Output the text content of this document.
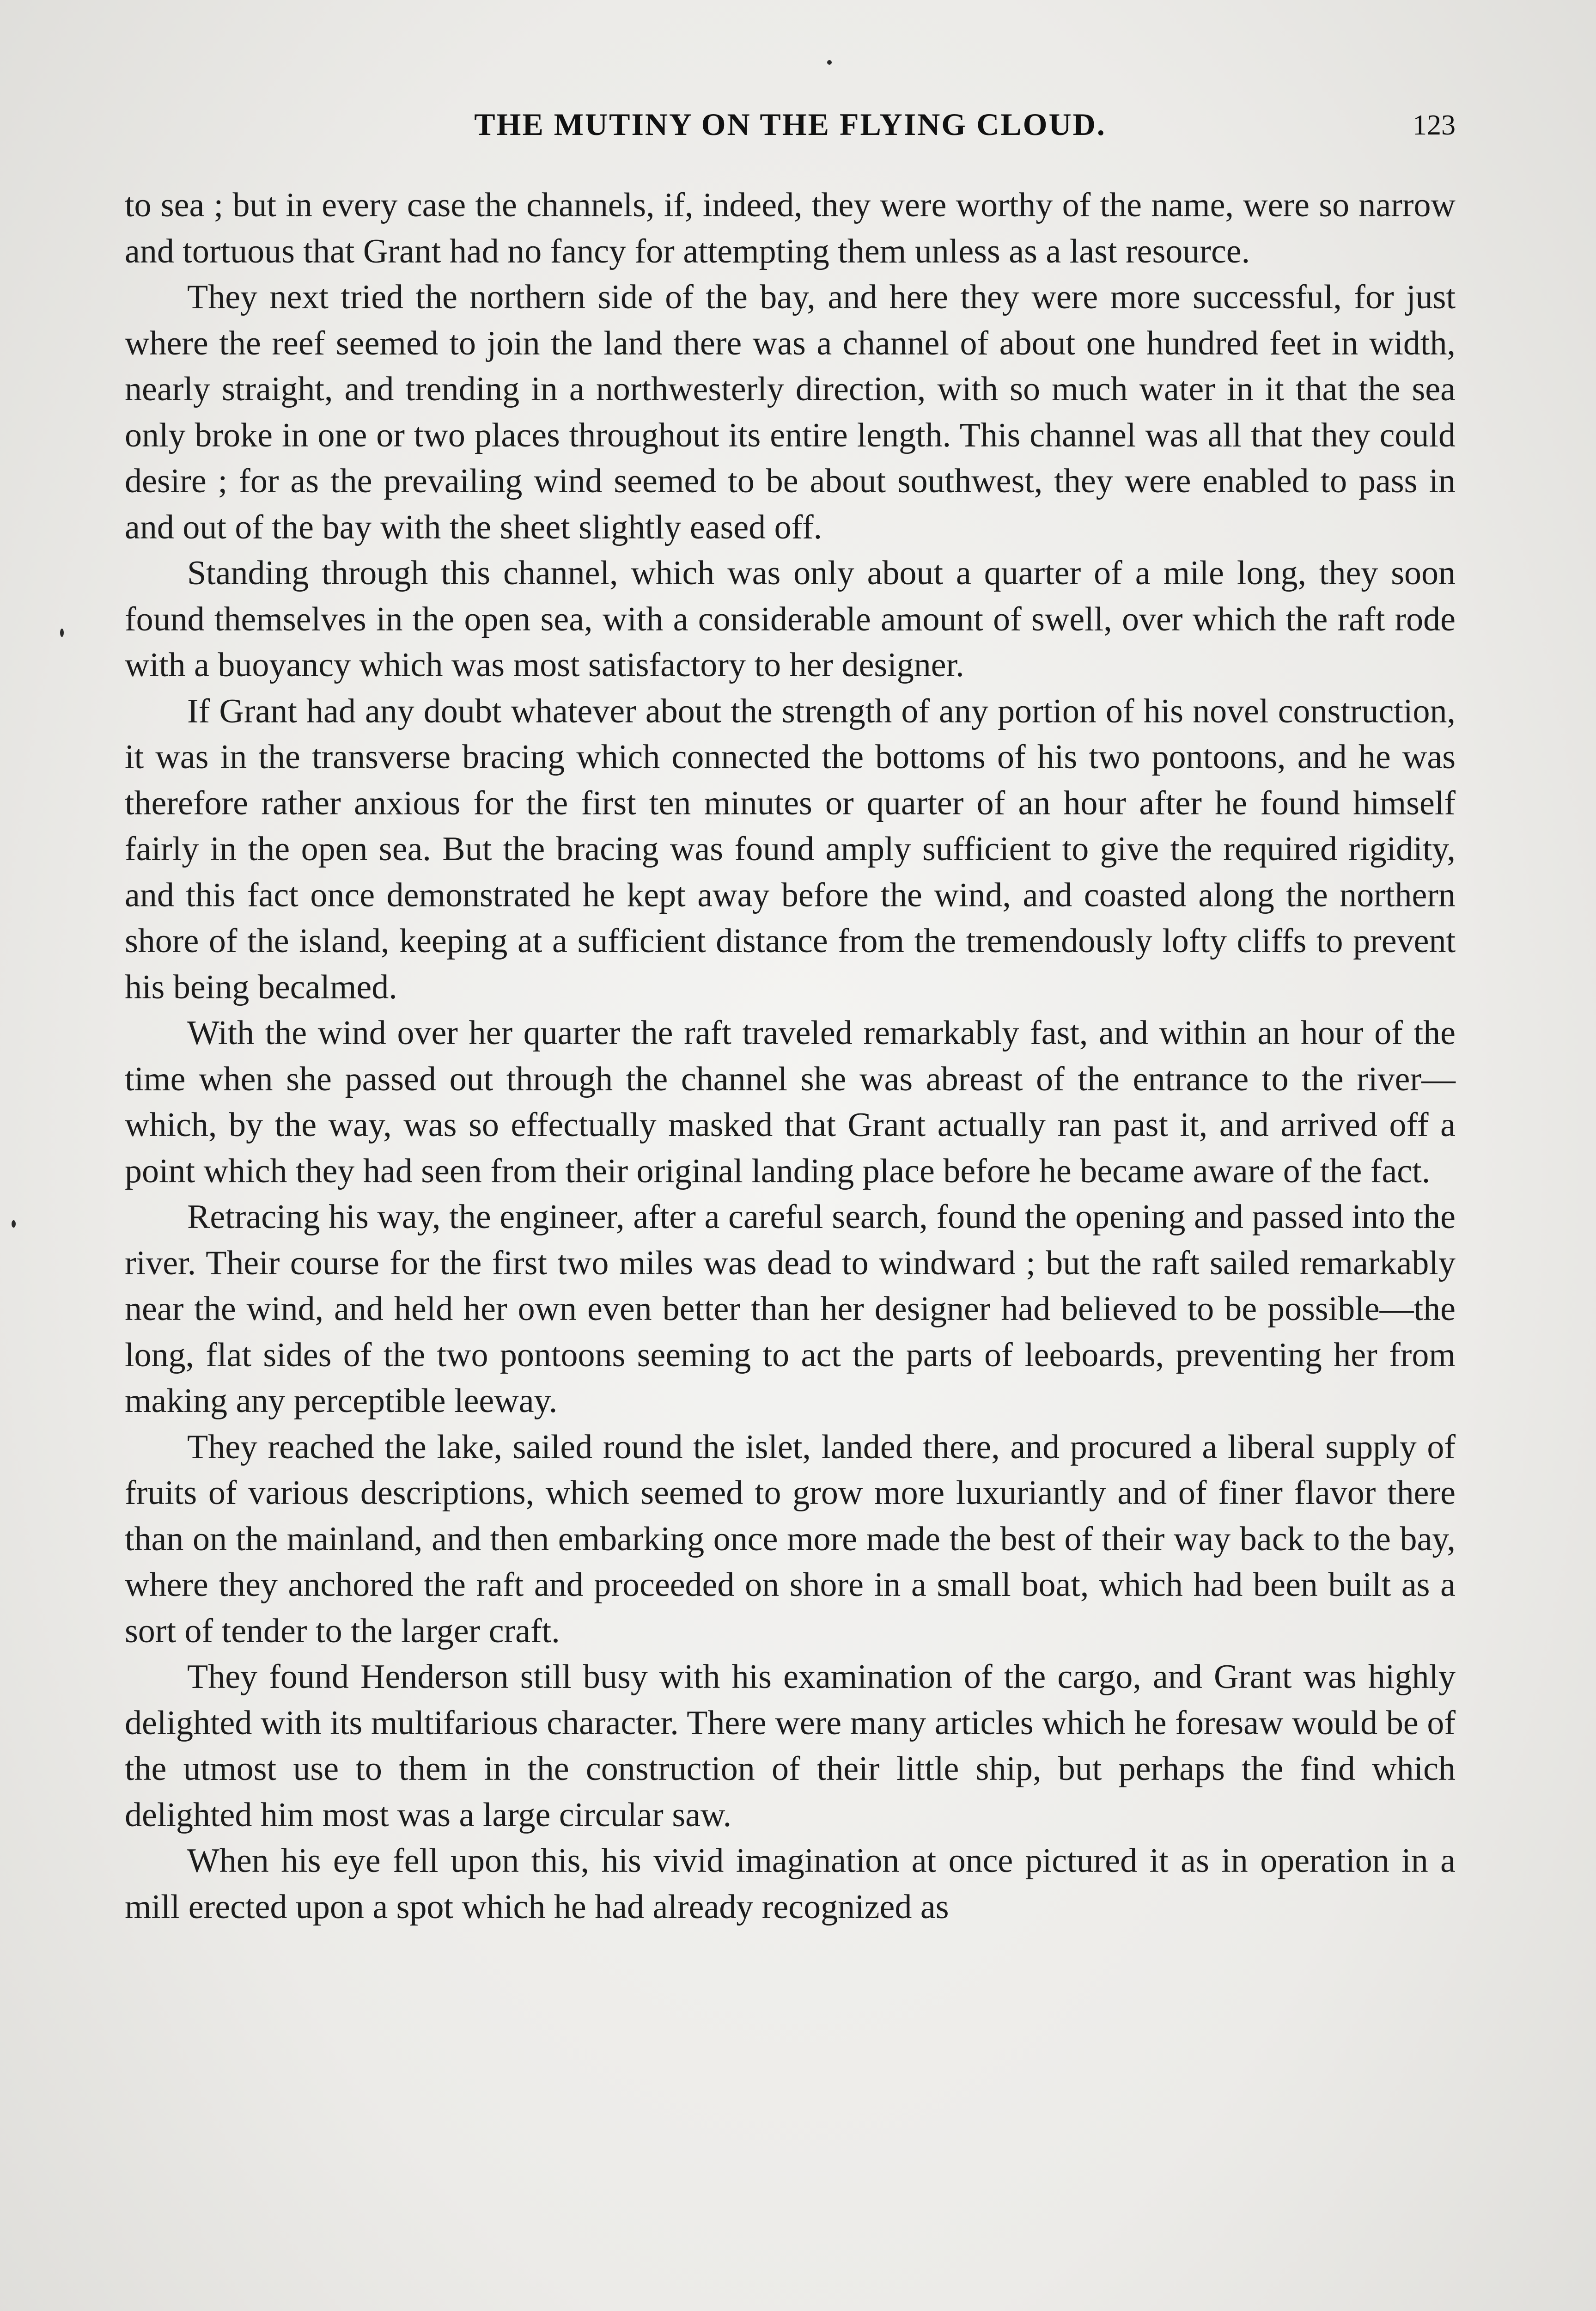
THE MUTINY ON THE FLYING CLOUD.	123

to sea ; but in every case the channels, if, indeed, they were worthy of the name, were so narrow and tortuous that Grant had no fancy for attempting them unless as a last resource.

They next tried the northern side of the bay, and here they were more successful, for just where the reef seemed to join the land there was a channel of about one hundred feet in width, nearly straight, and trending in a northwesterly direction, with so much water in it that the sea only broke in one or two places throughout its entire length. This channel was all that they could desire ; for as the prevailing wind seemed to be about southwest, they were enabled to pass in and out of the bay with the sheet slightly eased off.

Standing through this channel, which was only about a quarter of a mile long, they soon found themselves in the open sea, with a considerable amount of swell, over which the raft rode with a buoyancy which was most satisfactory to her designer.

If Grant had any doubt whatever about the strength of any portion of his novel construction, it was in the transverse bracing which connected the bottoms of his two pontoons, and he was therefore rather anxious for the first ten minutes or quarter of an hour after he found himself fairly in the open sea. But the bracing was found amply sufficient to give the required rigidity, and this fact once demonstrated he kept away before the wind, and coasted along the northern shore of the island, keeping at a sufficient distance from the tremendously lofty cliffs to prevent his being becalmed.

With the wind over her quarter the raft traveled remarkably fast, and within an hour of the time when she passed out through the channel she was abreast of the entrance to the river—which, by the way, was so effectually masked that Grant actually ran past it, and arrived off a point which they had seen from their original landing place before he became aware of the fact.

Retracing his way, the engineer, after a careful search, found the opening and passed into the river. Their course for the first two miles was dead to windward ; but the raft sailed remarkably near the wind, and held her own even better than her designer had believed to be possible—the long, flat sides of the two pontoons seeming to act the parts of leeboards, preventing her from making any perceptible leeway.

They reached the lake, sailed round the islet, landed there, and procured a liberal supply of fruits of various descriptions, which seemed to grow more luxuriantly and of finer flavor there than on the mainland, and then embarking once more made the best of their way back to the bay, where they anchored the raft and proceeded on shore in a small boat, which had been built as a sort of tender to the larger craft.

They found Henderson still busy with his examination of the cargo, and Grant was highly delighted with its multifarious character. There were many articles which he foresaw would be of the utmost use to them in the construction of their little ship, but perhaps the find which delighted him most was a large circular saw.

When his eye fell upon this, his vivid imagination at once pictured it as in operation in a mill erected upon a spot which he had already recognized as
